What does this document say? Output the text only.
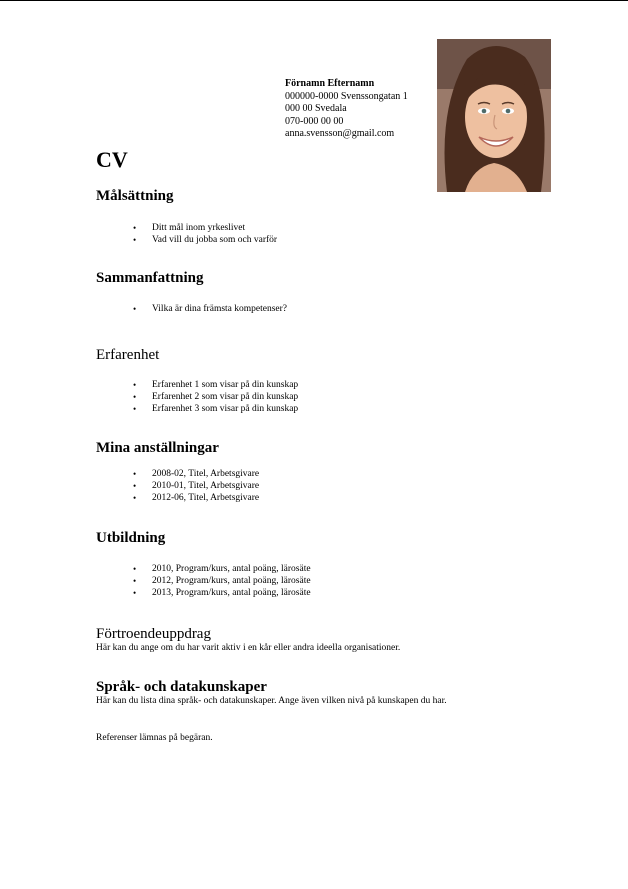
Förnamn Efternamn
000000-0000 Svenssongatan 1
000 00 Svedala
070-000 00 00
anna.svensson@gmail.com
CV
Målsättning
• Ditt mål inom yrkeslivet
• Vad vill du jobba som och varför
Sammanfattning
• Vilka är dina främsta kompetenser?
Erfarenhet
• Erfarenhet 1 som visar på din kunskap
• Erfarenhet 2 som visar på din kunskap
• Erfarenhet 3 som visar på din kunskap
Mina anställningar
• 2008-02, Titel, Arbetsgivare
• 2010-01, Titel, Arbetsgivare
• 2012-06, Titel, Arbetsgivare
Utbildning
• 2010, Program/kurs, antal poäng, lärosäte
• 2012, Program/kurs, antal poäng, lärosäte
• 2013, Program/kurs, antal poäng, lärosäte
Förtroendeuppdrag

Här kan du ange om du har varit aktiv i en kår eller andra ideella organisationer.

Språk- och datakunskaper

Här kan du lista dina språk- och datakunskaper. Ange även vilken nivå på kunskapen du har.

Referenser lämnas på begäran.
